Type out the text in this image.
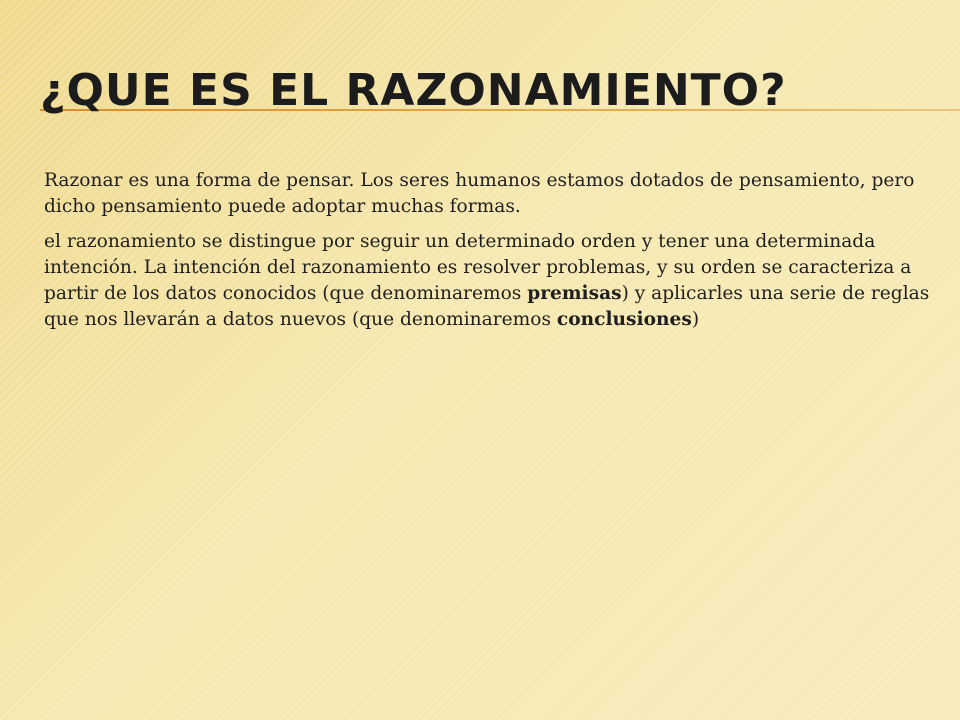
¿QUE ES EL RAZONAMIENTO?

Razonar es una forma de pensar. Los seres humanos estamos dotados de pensamiento, pero dicho pensamiento puede adoptar muchas formas.

el razonamiento se distingue por seguir un determinado orden y tener una determinada intención. La intención del razonamiento es resolver problemas, y su orden se caracteriza a partir de los datos conocidos (que denominaremos premisas) y aplicarles una serie de reglas que nos llevarán a datos nuevos (que denominaremos conclusiones)
